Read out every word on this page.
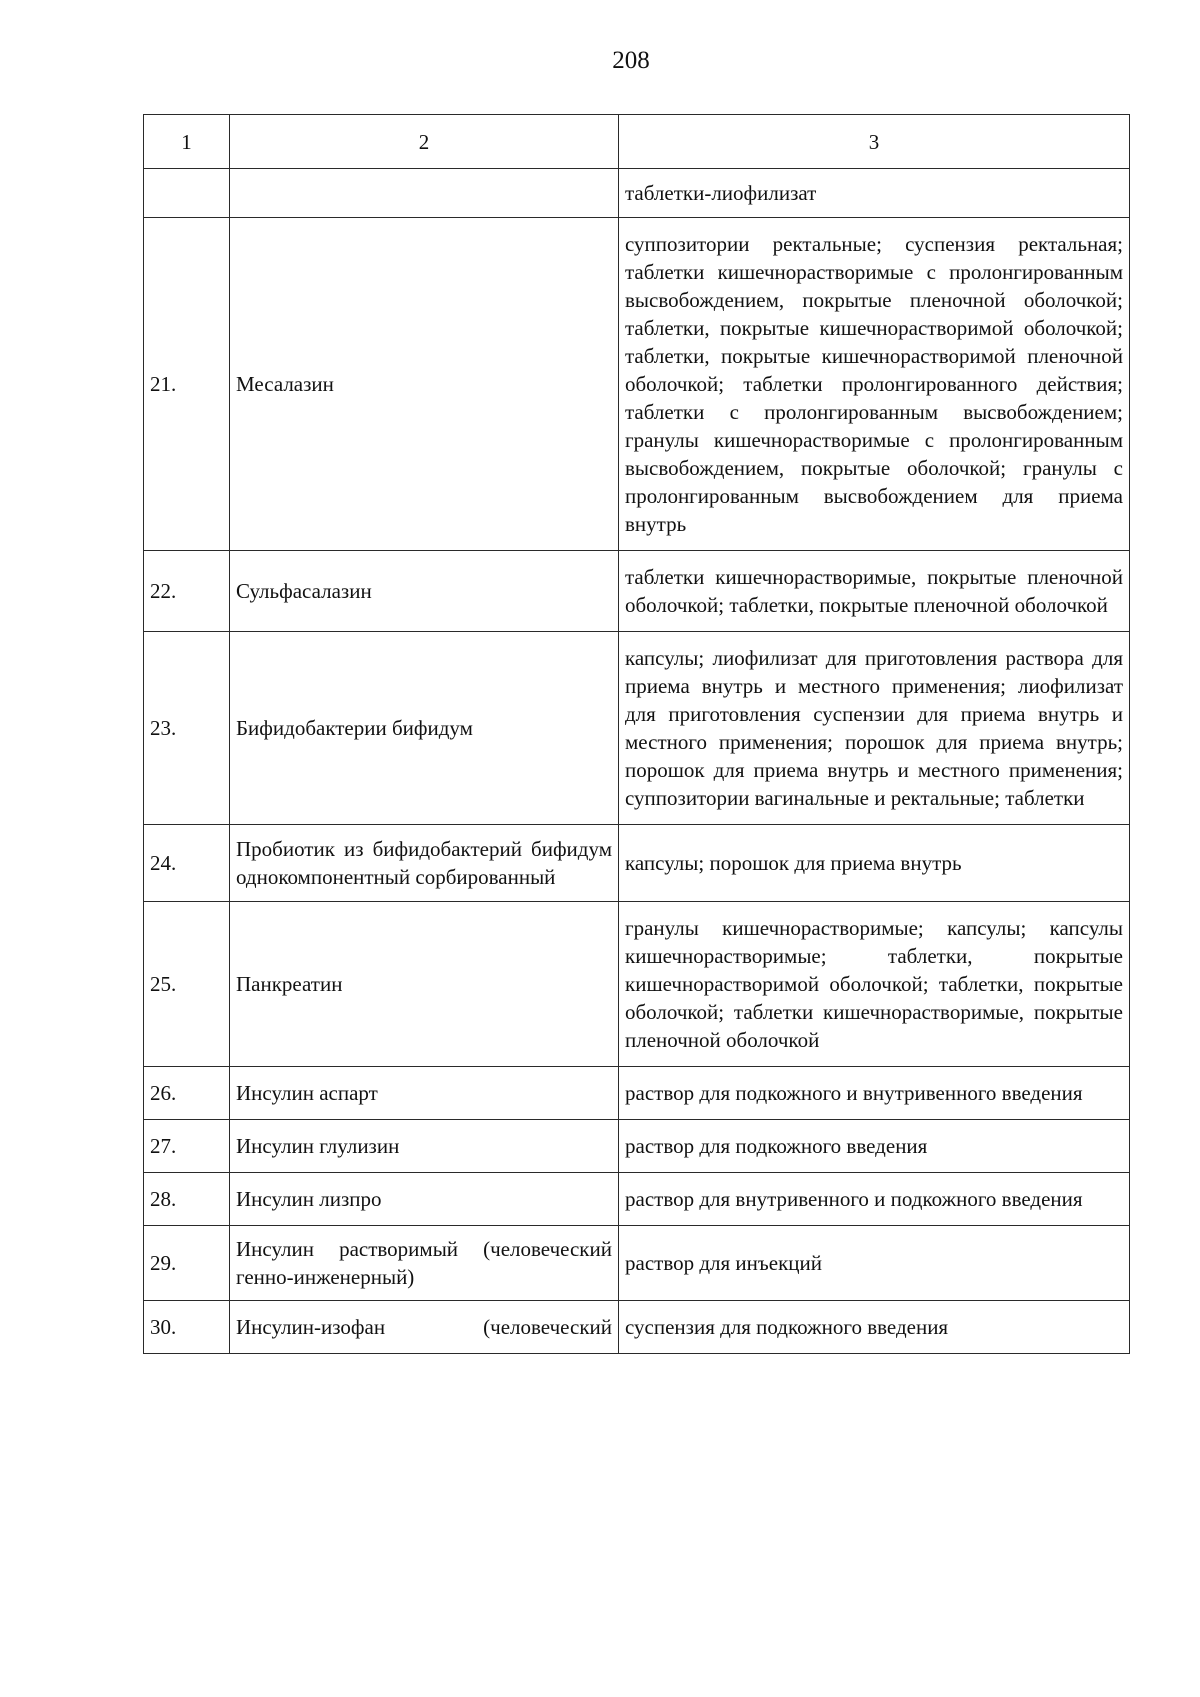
208
1	2	3
		таблетки-лиофилизат
21.	Месалазин	суппозитории ректальные; суспензия ректальная; таблетки кишечнорастворимые с пролонгированным высвобождением, покрытые пленочной оболочкой; таблетки, покрытые кишечнорастворимой оболочкой; таблетки, покрытые кишечнорастворимой пленочной оболочкой; таблетки пролонгированного действия; таблетки с пролонгированным высвобождением; гранулы кишечнорастворимые с пролонгированным высвобождением, покрытые оболочкой; гранулы с пролонгированным высвобождением для приема внутрь
22.	Сульфасалазин	таблетки кишечнорастворимые, покрытые пленочной оболочкой; таблетки, покрытые пленочной оболочкой
23.	Бифидобактерии бифидум	капсулы; лиофилизат для приготовления раствора для приема внутрь и местного применения; лиофилизат для приготовления суспензии для приема внутрь и местного применения; порошок для приема внутрь; порошок для приема внутрь и местного применения; суппозитории вагинальные и ректальные; таблетки
24.	Пробиотик из бифидобактерий бифидум однокомпонентный сорбированный	капсулы; порошок для приема внутрь
25.	Панкреатин	гранулы кишечнорастворимые; капсулы; капсулы кишечнорастворимые; таблетки, покрытые кишечнорастворимой оболочкой; таблетки, покрытые оболочкой; таблетки кишечнорастворимые, покрытые пленочной оболочкой
26.	Инсулин аспарт	раствор для подкожного и внутривенного введения
27.	Инсулин глулизин	раствор для подкожного введения
28.	Инсулин лизпро	раствор для внутривенного и подкожного введения
29.	Инсулин растворимый (человеческий генно-инженерный)	раствор для инъекций
30.	Инсулин-изофан (человеческий	суспензия для подкожного введения
